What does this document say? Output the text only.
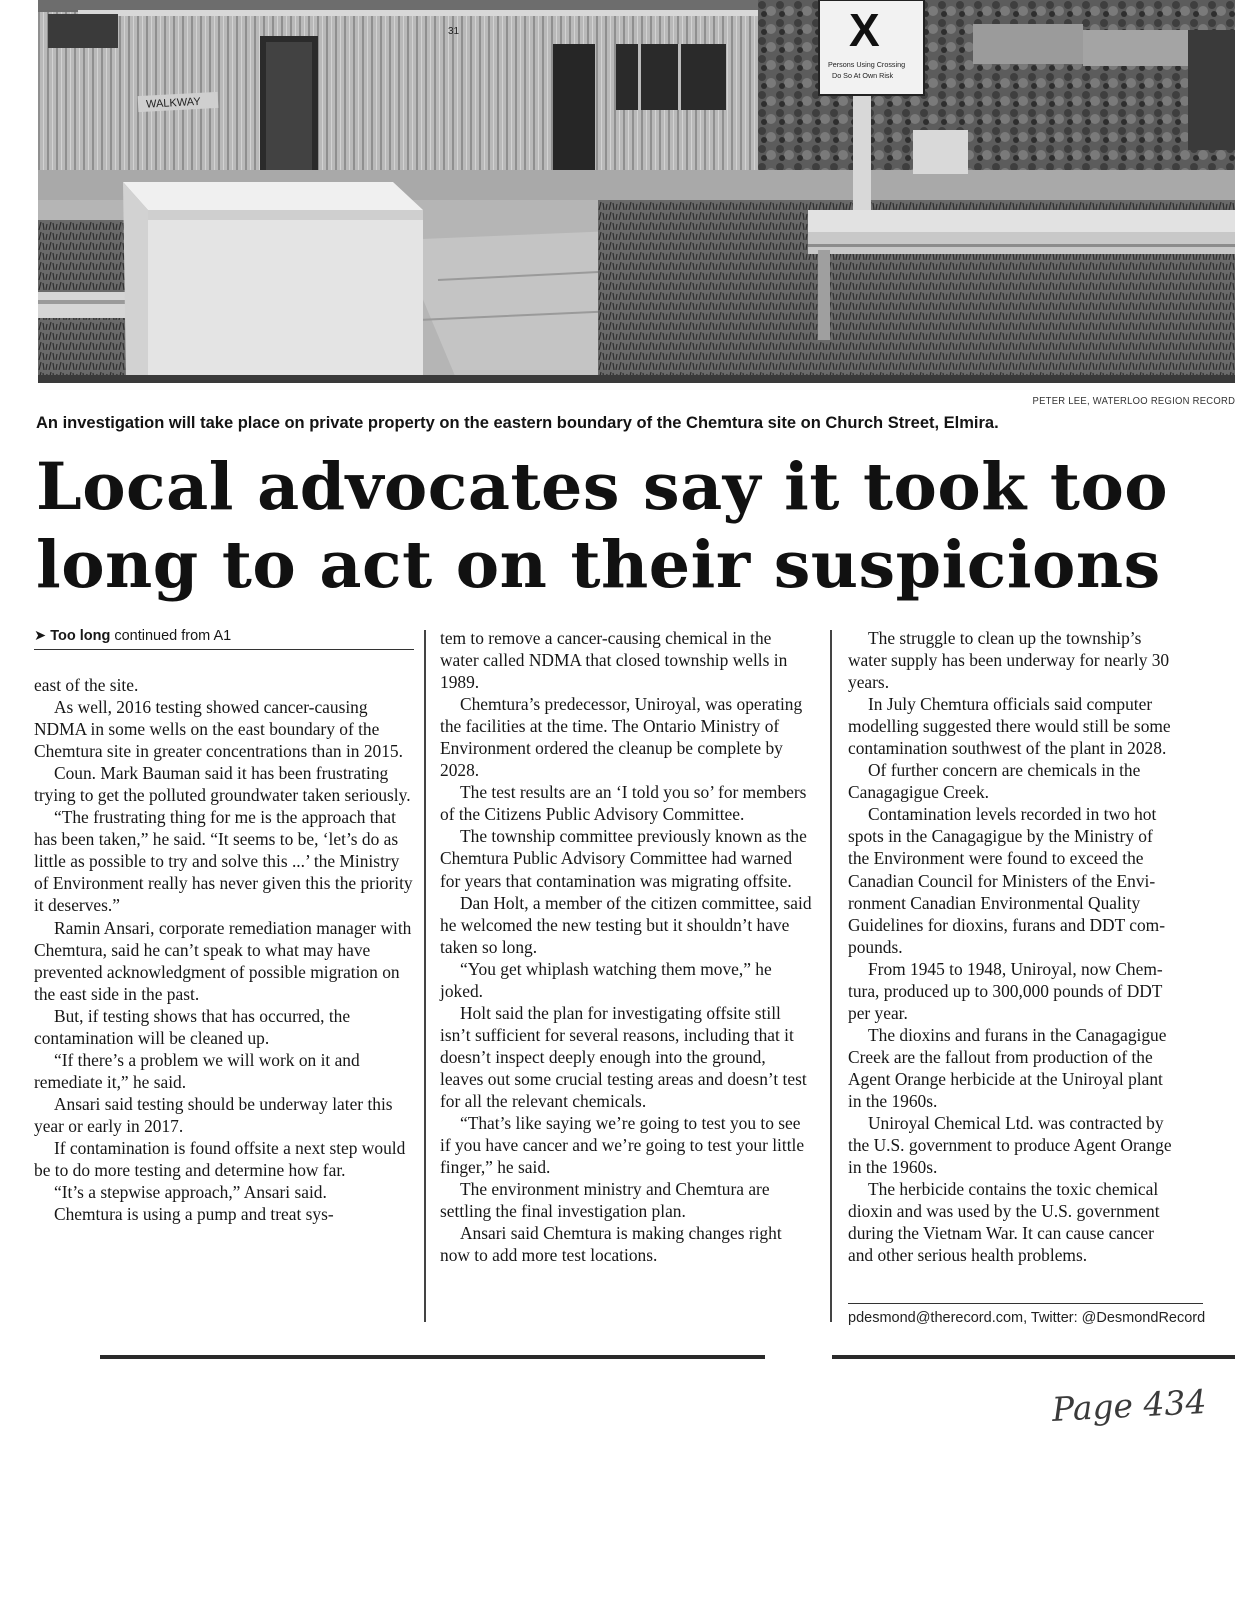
WALKWAY
31	X
Persons Using Crossing
Do So At Own Risk
PETER LEE, WATERLOO REGION RECORD
An investigation will take place on private property on the eastern boundary of the Chemtura site on Church Street, Elmira.
Local advocates say it took too long to act on their suspicions
➤ Too long continued from A1

east of the site.

As well, 2016 testing showed cancer-causing NDMA in some wells on the east boundary of the Chemtura site in greater concentrations than in 2015.

Coun. Mark Bauman said it has been frustrating trying to get the polluted groundwater taken seriously.

“The frustrating thing for me is the approach that has been taken,” he said. “It seems to be, ‘let’s do as little as possible to try and solve this ...’ the Ministry of Environment really has never given this the priority it deserves.”

Ramin Ansari, corporate remediation manager with Chemtura, said he can’t speak to what may have prevented acknowledgment of possible migration on the east side in the past.

But, if testing shows that has occurred, the contamination will be cleaned up.

“If there’s a problem we will work on it and remediate it,” he said.

Ansari said testing should be underway later this year or early in 2017.

If contamination is found offsite a next step would be to do more testing and determine how far.

“It’s a stepwise approach,” Ansari said.

Chemtura is using a pump and treat sys-

tem to remove a cancer-causing chemical in the water called NDMA that closed township wells in 1989.

Chemtura’s predecessor, Uniroyal, was operating the facilities at the time. The Ontario Ministry of Environment ordered the cleanup be complete by 2028.

The test results are an ‘I told you so’ for members of the Citizens Public Advisory Committee.

The township committee previously known as the Chemtura Public Advisory Committee had warned for years that contamination was migrating offsite.

Dan Holt, a member of the citizen committee, said he welcomed the new testing but it shouldn’t have taken so long.

“You get whiplash watching them move,” he joked.

Holt said the plan for investigating offsite still isn’t sufficient for several reasons, including that it doesn’t inspect deeply enough into the ground, leaves out some crucial testing areas and doesn’t test for all the relevant chemicals.

“That’s like saying we’re going to test you to see if you have cancer and we’re going to test your little finger,” he said.

The environment ministry and Chemtura are settling the final investigation plan.

Ansari said Chemtura is making changes right now to add more test locations.

The struggle to clean up the township’s
water supply has been underway for nearly 30
years.
In July Chemtura officials said computer
modelling suggested there would still be some
contamination southwest of the plant in 2028.
Of further concern are chemicals in the
Canagagigue Creek.
Contamination levels recorded in two hot
spots in the Canagagigue by the Ministry of
the Environment were found to exceed the
Canadian Council for Ministers of the Envi-
ronment Canadian Environmental Quality
Guidelines for dioxins, furans and DDT com-
pounds.
From 1945 to 1948, Uniroyal, now Chem-
tura, produced up to 300,000 pounds of DDT
per year.
The dioxins and furans in the Canagagigue
Creek are the fallout from production of the
Agent Orange herbicide at the Uniroyal plant
in the 1960s.
Uniroyal Chemical Ltd. was contracted by
the U.S. government to produce Agent Orange
in the 1960s.
The herbicide contains the toxic chemical
dioxin and was used by the U.S. government
during the Vietnam War. It can cause cancer
and other serious health problems.
pdesmond@therecord.com, Twitter: @DesmondRecord
Page 434
